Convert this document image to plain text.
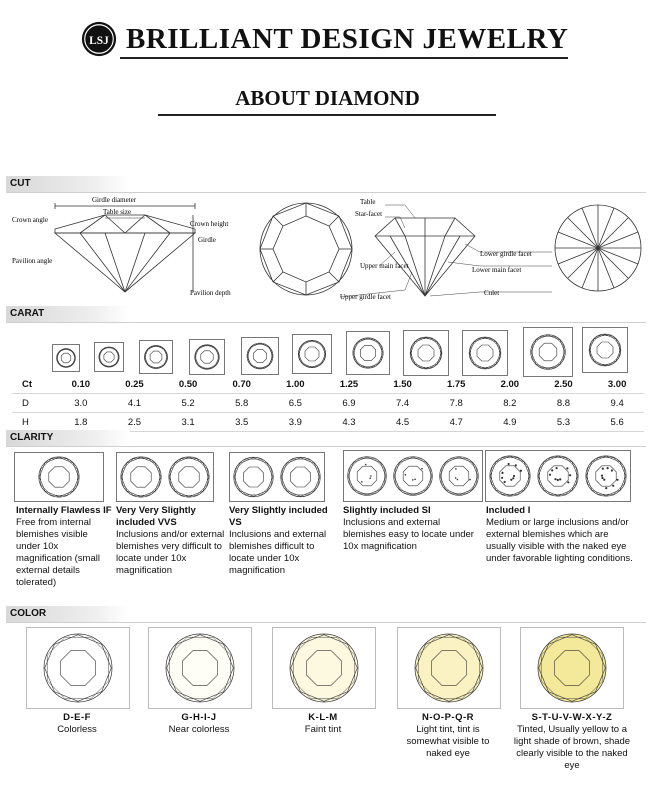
LSJ BRILLIANT DESIGN JEWELRY
ABOUT DIAMOND
CUT
Girdle diameter
Table size
Crown angle
Pavilion angle
Crown height
Girdle
Pavilion depth
Table
Star-facet
Upper main facet
Upper girdle facet
Lower girdle facet
Lower main facet
Culet
CARAT
Ct	0.10	0.25	0.50	0.70	1.00	1.25	1.50	1.75	2.00	2.50	3.00
D	3.0	4.1	5.2	5.8	6.5	6.9	7.4	7.8	8.2	8.8	9.4
H	1.8	2.5	3.1	3.5	3.9	4.3	4.5	4.7	4.9	5.3	5.6
CLARITY
Internally Flawless IF
Free from internal blemishes visible under 10x magnification (small external details tolerated)
Very Very Slightly included VVS
Inclusions and/or external blemishes very difficult to locate under 10x magnification
Very Slightly included VS
Inclusions and external blemishes difficult to locate under 10x magnification
Slightly included SI
Inclusions and external blemishes easy to locate under 10x magnification
Included I
Medium or large inclusions and/or external blemishes which are usually visible with the naked eye under favorable lighting conditions.
COLOR
D-E-F
Colorless
G-H-I-J
Near colorless
K-L-M
Faint tint
N-O-P-Q-R
Light tint, tint is somewhat visible to naked eye
S-T-U-V-W-X-Y-Z
Tinted, Usually yellow to a light shade of brown, shade clearly visible to the naked eye
